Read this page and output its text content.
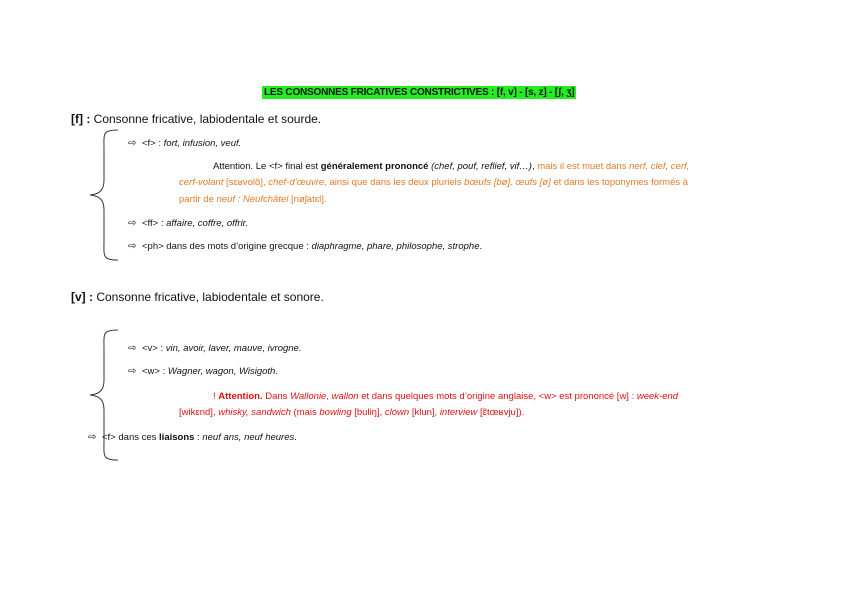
LES CONSONNES FRICATIVES CONSTRICTIVES : [f, v] - [s, z] - [ʃ, ʒ]
[f] : Consonne fricative, labiodentale et sourde.
⇨ <f> : fort, infusion, veuf.
Attention. Le <f> final est généralement prononcé (chef, pouf, reflief, vif…), mais il est muet dans nerf, clef, cerf,
cerf-volant [sɛʁvolɑ̃], chef-d’œuvre, ainsi que dans les deux pluriels bœufs [bø], œufs [ø] et dans les toponymes formés à
partir de neuf : Neufchâtel [nøʃatɛl].
⇨ <ff> : affaire, coffre, offrir.
⇨ <ph> dans des mots d’origine grecque : diaphragme, phare, philosophe, strophe.
[v] : Consonne fricative, labiodentale et sonore.
⇨ <v> : vin, avoir, laver, mauve, ivrogne.
⇨ <w> : Wagner, wagon, Wisigoth.
! Attention. Dans Wallonie, wallon et dans quelques mots d’origine anglaise, <w> est prononcé [w] : week-end
[wikɛnd], whisky, sandwich (mais bowling [buliŋ], clown [klun], interview [ɛ̃tœʁvju]).
⇨ <f> dans ces liaisons : neuf ans, neuf heures.
